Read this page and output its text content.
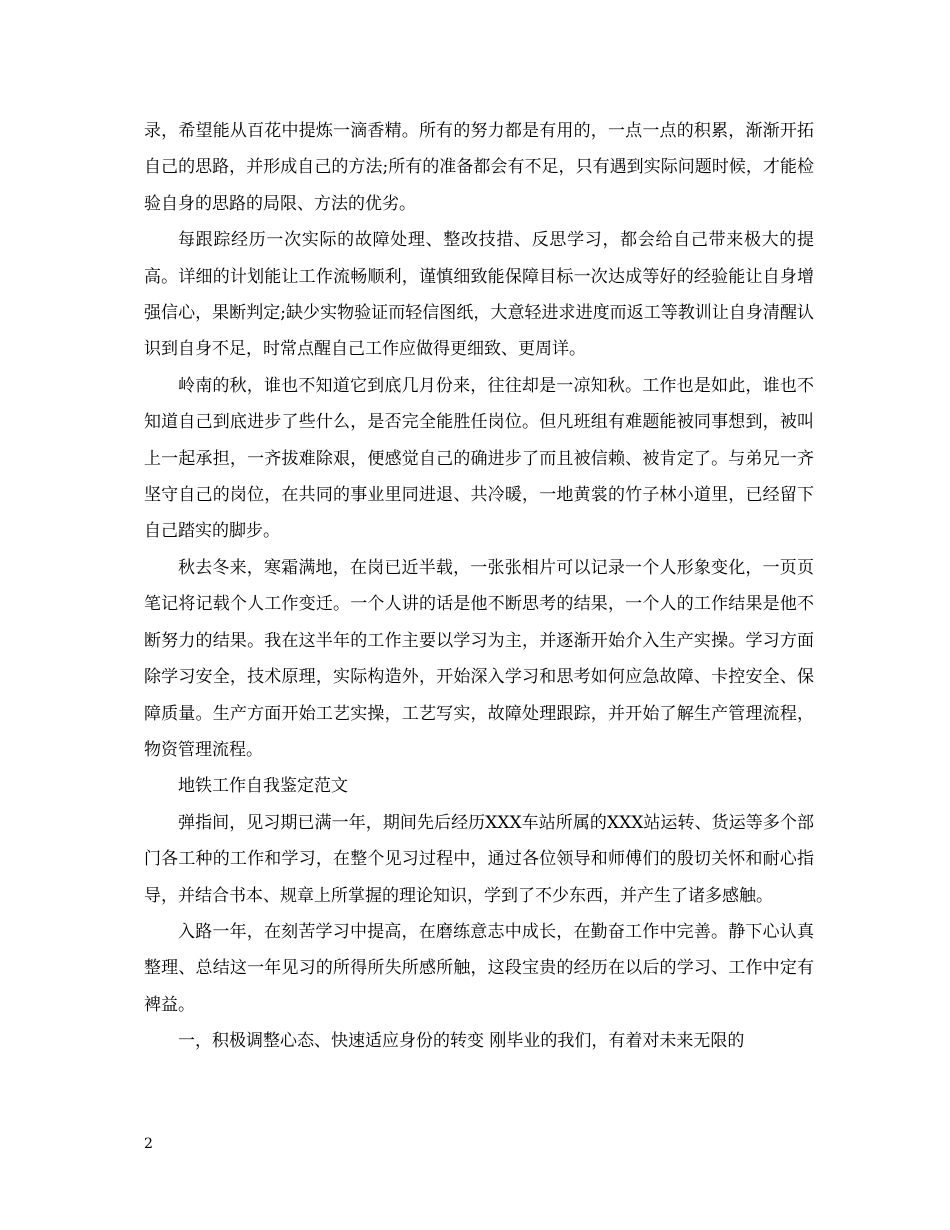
录，希望能从百花中提炼一滴香精。所有的努力都是有用的，一点一点的积累，渐渐开拓自己的思路，并形成自己的方法;所有的准备都会有不足，只有遇到实际问题时候，才能检验自身的思路的局限、方法的优劣。

每跟踪经历一次实际的故障处理、整改技措、反思学习，都会给自己带来极大的提高。详细的计划能让工作流畅顺利，谨慎细致能保障目标一次达成等好的经验能让自身增强信心，果断判定;缺少实物验证而轻信图纸，大意轻进求进度而返工等教训让自身清醒认识到自身不足，时常点醒自己工作应做得更细致、更周详。

岭南的秋，谁也不知道它到底几月份来，往往却是一凉知秋。工作也是如此，谁也不知道自己到底进步了些什么，是否完全能胜任岗位。但凡班组有难题能被同事想到，被叫上一起承担，一齐拔难除艰，便感觉自己的确进步了而且被信赖、被肯定了。与弟兄一齐坚守自己的岗位，在共同的事业里同进退、共冷暖，一地黄裳的竹子林小道里，已经留下自己踏实的脚步。

秋去冬来，寒霜满地，在岗已近半载，一张张相片可以记录一个人形象变化，一页页笔记将记载个人工作变迁。一个人讲的话是他不断思考的结果，一个人的工作结果是他不断努力的结果。我在这半年的工作主要以学习为主，并逐渐开始介入生产实操。学习方面除学习安全，技术原理，实际构造外，开始深入学习和思考如何应急故障、卡控安全、保障质量。生产方面开始工艺实操，工艺写实，故障处理跟踪，并开始了解生产管理流程，物资管理流程。

地铁工作自我鉴定范文

弹指间，见习期已满一年，期间先后经历XXX车站所属的XXX站运转、货运等多个部门各工种的工作和学习，在整个见习过程中，通过各位领导和师傅们的殷切关怀和耐心指导，并结合书本、规章上所掌握的理论知识，学到了不少东西，并产生了诸多感触。

入路一年，在刻苦学习中提高，在磨练意志中成长，在勤奋工作中完善。静下心认真整理、总结这一年见习的所得所失所感所触，这段宝贵的经历在以后的学习、工作中定有裨益。

一，积极调整心态、快速适应身份的转变 刚毕业的我们，有着对未来无限的

2
